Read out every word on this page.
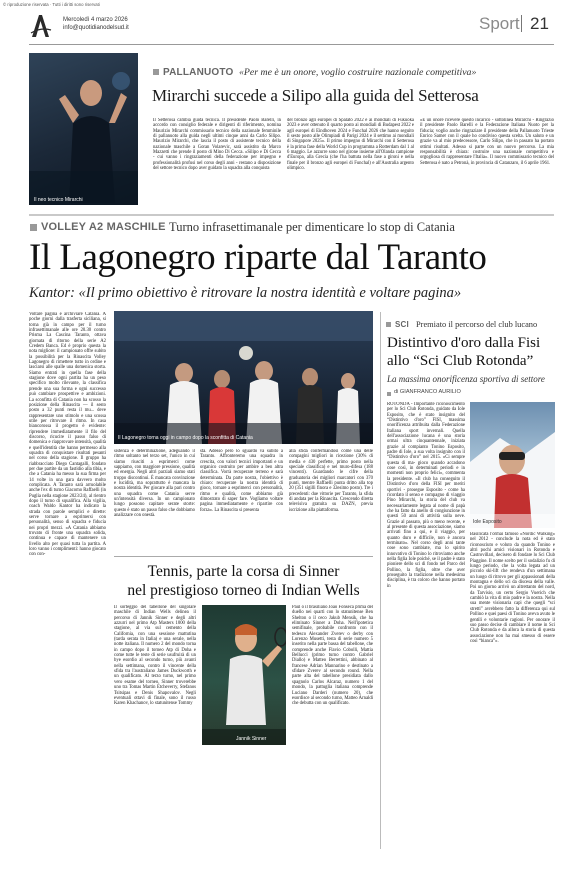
© riproduzione riservata · Tutti i diritti sono riservati
Mercoledì 4 marzo 2026
info@quotidianodelsud.it	Sport 21
Il neo tecnico Mirarchi
PALLANUOTO «Per me è un onore, voglio costruire nazionale competitiva»
Mirarchi succede a Silipo alla guida del Setterosa
Il Setterosa cambia guida tecnica. Il presidente Paolo Barelli, in accordo con consiglio federale e dirigenti di riferimento, nomina Maurizio Mirarchi commissario tecnico della nazionale femminile di pallanuoto alla guida negli ultimi cinque anni da Carlo Silipo. Maurizio Mirarchi, che lascia il posto di assistente tecnico della nazionale maschile a Goran Volarevic, sarà assistito da Marco Mazzetti che prende il posto di Mino Di Cecca. «Silipo e Di Cecca - cui vanno i ringraziamenti della federazione per impegno e professionalità profusi nel corso degli anni - restano a disposizione del settore tecnico dopo aver guidato la squadra alla conquista
del bronzo agli europei di Spalato 2022 e ai mondiali di Fukuoka 2023 e aver ottenuto il quarto posto ai mondiali di Budapest 2022 e agli europei di Eindhoven 2024 e Funchal 2026 che hanno seguito il sesto posto alle Olimpiadi di Parigi 2024 e il settimo ai mondiali di Singapore 2025». Il primo impegno di Mirarchi con il Setterosa è la prima fase della World Cup in programma a Rotterdam dal 1 al 6 maggio. Le azzurre sono nel girone insieme all'Olanda campione d'Europa, alla Grecia (che l'ha battuta nella fase a gironi e nella finale per il bronzo agli europei di Funchal) e all'Australia argento olimpico.
«È un onore ricevere questo incarico - sottolinea Mirarchi - Ringrazio il presidente Paolo Barelli e la Federazione Italiana Nuoto per la fiducia; voglio anche ringraziare il presidente della Pallanuoto Trieste Enrico Samer con il quale ho condiviso questa scelta. Un saluto e un grazie va al mio predecessore, Carlo Silipo, che in passato ha portato ottimi risultati. Adesso si parte con un nuovo percorso. La mia responsabilità è chiara: costruire una nazionale competitiva e orgogliosa di rappresentare l'Italia». Il nuovo commissario tecnico del Setterosa è nato a Petronà, in provincia di Catanzaro, il 6 aprile 1961.
VOLLEY A2 MASCHILE Turno infrasettimanale per dimenticare lo stop di Catania
Il Lagonegro riparte dal Taranto
Kantor: «Il primo obiettivo è ritrovare la nostra identità e voltare pagina»
Voltare pagina e archiviare Catania. A poche giorni dalla trasferta siciliana, si torna già in campo per il turno infrasettimanale alle ore 20.30 contro Prisma La Cascina Taranto, ottava giornata di ritorno della serie A2 Credem Banca. Ed è proprio questa la nota migliore: il campionato offre subito la possibilità per la Rinascita Volley Lagonegro di rimettere tutto in ordine e lasciarsi alle spalle una domenica storta. Siamo entrati in quella fase della stagione dove ogni partita ha un peso specifico molto rilevante, la classifica prende una sua forma e ogni successo può cambiare prospettive e ambizioni. La sconfitta di Catania non ha scosso la posizione della Rinascita — il sesto posto a 32 punti resta il mu... deve rappresentare uno stimolo e una scossa utile per ritrovare il ritmo. In casa biancorossa il progetto è evidente: riprendere immediatamente il filo del discorso, ricucire il passo falso di domenica e riapprovare intensità, qualità e quell'identità che hanno permesso alla squadra di conquistare risultati pesanti nel corso della stagione. Il gruppo ha riabbracciato Diego Cantagalli, fondato per due partite da un fastidio alla tibia, e che a Catania ha messo la sua firma per 14 volte in una gara davvero molto complicata. A Taranto sarà arruolabile anche l'ex di turno Giacomo Raffaelli (in Puglia nella stagione 2023/24), al rientro dopo il turno di squalifica. Alla vigilia, coach Waldo Kantor ha indicato la strada con parole semplici e dirette: serve tornare a esprimersi con personalità, senso di squadra e fiducia nei propri mezzi. «A Catania abbiamo trovato di fronte una squadra solida, continua e capace di mantenere un livello alto per quasi tutta la partita. A loro vanno i complimenti: hanno giocato con con-
Il Lagonegro torna oggi in campo dopo la sconfitta di Catania
sistenza e determinazione, adeguando il ritmo soltanto nel terzo set, l'unico in cui siamo riusciti a esprimerci come sappiamo, con maggiore pressione, qualità ed energia. Negli altri parziali siamo stati troppo discontinui. È mancata convinzione e lucidità, ma soprattutto è mancata la nostra identità. Per giocare alla pari contro una squadra come Catania serve un'intensità diversa. In un campionato lungo possono capitare serate storte: questo è stato un passo falso che dobbiamo analizzare con onestà.
stà. Adesso però lo sguardo va subito a Taranto. Affronteremo una squadra in crescita, con valori tecnici importanti e un organico costruito per ambire a ben altra classifica. Vorrà recuperare terreno e sarà determinata. Da parte nostra, l'obiettivo è chiaro: recuperare la nostra identità di gioco, tornare a esprimerci con personalità, ritmo e qualità, come abbiamo già dimostrato di saper fare. Vogliamo voltare pagina immediatamente e ripartire con forza». La Rinascita si presenta
alla sfida confermandosi come una delle compagini migliori in ricezione (30% di media e 430 perfette, primo posto nella speciale classifica) e nel muro-difesa (188 vincenti). Guardando le cifre della graduatoria dei migliori marcatori con 370 punti, mentre Raffaelli punta dritto alla top 20 (351 sigilli finora e 32esimo posto). Tre i precedenti: due vittorie per Taranto, la sfida di andata per la Rinascita. Crescendo diretta televisiva gratuita su DAZN, previa iscrizione alla piattaforma.
SCI Premiato il percorso del club lucano
Distintivo d'oro dalla Fisi allo “Sci Club Rotonda”
La massima onorificenza sportiva di settore
di GIANFRANCO AURILIO
ROTONDA - Importante riconoscimento per lo Sci Club Rotonda, guidato da Iole Esposito, che è stato insignito del “Distintivo d'oro” FISI, massima onorificenza attribuita dalla Federazione Italiana sport invernali. Quella dell'associazione lucana è una storia ormai ultra cinquantennale, iniziata grazie al compianto Tonino Esposito, padre di Iole, a sua volta insignito con il “Distintivo d'oro” nel 2015. «Ci sempre questa di ma- gioco quando accadono cose così, in determinati periodi e in momenti non proprio felici», commenta la presidente. «Il club ha conseguito il Distintivo d'oro della FISI per meriti sportivi - prosegue Esposito - come ha ricordato il senso e compagno di viaggio Pino Mirarchi, la storia del club va necessariamente legata al nome di papà che ha fatto da anello di congiunzione in questi 50 anni di attività sulla neve. Grazie al passato, più o meno recente, e al presente di questa associazione, siamo arrivati fino a qui, e il viaggio, per quanto duro e difficile, non è ancora terminato». Nel corso degli anni tante cose sono cambiate, ma lo spirito innovativo di Tonino lo ritroviamo anche nella figlia Iole poiché, se il padre è stato pioniere dello sci di fondo nel Parco del Pollino, la figlia, oltre che aver proseguito la tradizione nella medesima disciplina, è tra coloro che hanno portato in
Iole Esposito
Basilicata l'ormai famoso «Nordic Walking» nel 2012 - conclude la nota ed è stato riconosciuto e voluto da quando Tonino e altri pochi amici visionari in Rotonda e Castrovillari, decisero di fondare lo Sci Club Piaggine. Il nome scelto per il sodalizio fu di lungo periodo, che la volta legata ad un piccolo ski-lift che rendeva d'un settimana un luogo di ritrovo per gli appassionati della montagna e dello sci da discesa della valle. Poi un giorno arrivò un altrettanto del nord, da Tarvisio, un certo Sergio Vuerich che cambiò la vita di mio padre e la nostra. Nella sua mente visionaria capì che quegli “sci stretti” avrebbero fatto la differenza qui sul Pollino e quei paesi di Tonino aveva avuto le gentili e volontarie ragioni. Per onorare il suo passo decise di cambiare il nome in Sci Club Rotonda e da allora la storia di questa associazione non ha mai smesso di essere così “bianca”».
Tennis, parte la corsa di Sinner
nel prestigioso torneo di Indian Wells
Il sorteggio del tabellone del singolare maschile di Indian Wells delinea il percorso di Jannik Sinner e degli altri azzurri nel primo Atp Masters 1000 della stagione, al via sul cemento della California, con una sessione mattutina (tarda serata in Italia) e una serale, nella notte italiana. Il numero 2 del mondo torna in campo dopo il torneo Atp di Doha e come tutte le teste di serie usufruirà di un bye esordio al secondo turno, più avanti nella settimana, contro il vincente della sfida tra l'australiano James Duckworth e un qualificato. Al terzo turno, nel primo vero esame del torneo, Sinner troverebbe uno tra Tomas Martin Etcheverry, Stefanos Tsitsipas e Denis Shapovalov. Negli eventuali ottavi di finale, sono il russo Karen Khachanov, lo statunitense Tommy
Jannik Sinner
Paul o il brasiliano Joao Fonseca prima del duello nei quarti con lo statunitense Ben Shelton o il ceco Jakub Mensik, che ha eliminato Sinner a Doha. Nell'ipotetica semifinale, probabile confronto con il tedesco Alexander Zverev o derby con Lorenzo Musetti, testa di serie numero 5 inserito nella parte bassa del tabellone, che comprende anche Flavio Cobolli, Mattia Bellucci (primo turno contro Gabriel Diallo) e Matteo Berrettini, abbinato al francese Adrian Mannarino e destinato a sfidare Zverev al secondo round. Nella parte alta del tabellone presidiata dallo spagnolo Carlos Alcaraz, numero 1 del mondo, la pattuglia italiana comprende Luciano Darderi (numero 20), che esordisce al secondo turno, Matteo Arnaldi che debutta con un qualificato.
